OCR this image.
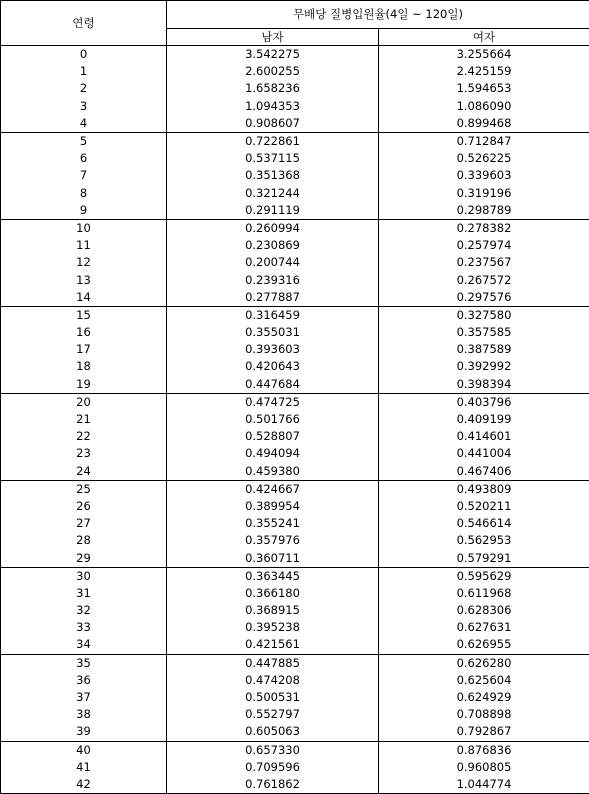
연령	무배당 질병입원율(4일 ~ 120일)	
	남자	여자
0	3.542275	3.255664
1	2.600255	2.425159
2	1.658236	1.594653
3	1.094353	1.086090
4	0.908607	0.899468
5	0.722861	0.712847
6	0.537115	0.526225
7	0.351368	0.339603
8	0.321244	0.319196
9	0.291119	0.298789
10	0.260994	0.278382
11	0.230869	0.257974
12	0.200744	0.237567
13	0.239316	0.267572
14	0.277887	0.297576
15	0.316459	0.327580
16	0.355031	0.357585
17	0.393603	0.387589
18	0.420643	0.392992
19	0.447684	0.398394
20	0.474725	0.403796
21	0.501766	0.409199
22	0.528807	0.414601
23	0.494094	0.441004
24	0.459380	0.467406
25	0.424667	0.493809
26	0.389954	0.520211
27	0.355241	0.546614
28	0.357976	0.562953
29	0.360711	0.579291
30	0.363445	0.595629
31	0.366180	0.611968
32	0.368915	0.628306
33	0.395238	0.627631
34	0.421561	0.626955
35	0.447885	0.626280
36	0.474208	0.625604
37	0.500531	0.624929
38	0.552797	0.708898
39	0.605063	0.792867
40	0.657330	0.876836
41	0.709596	0.960805
42	0.761862	1.044774
